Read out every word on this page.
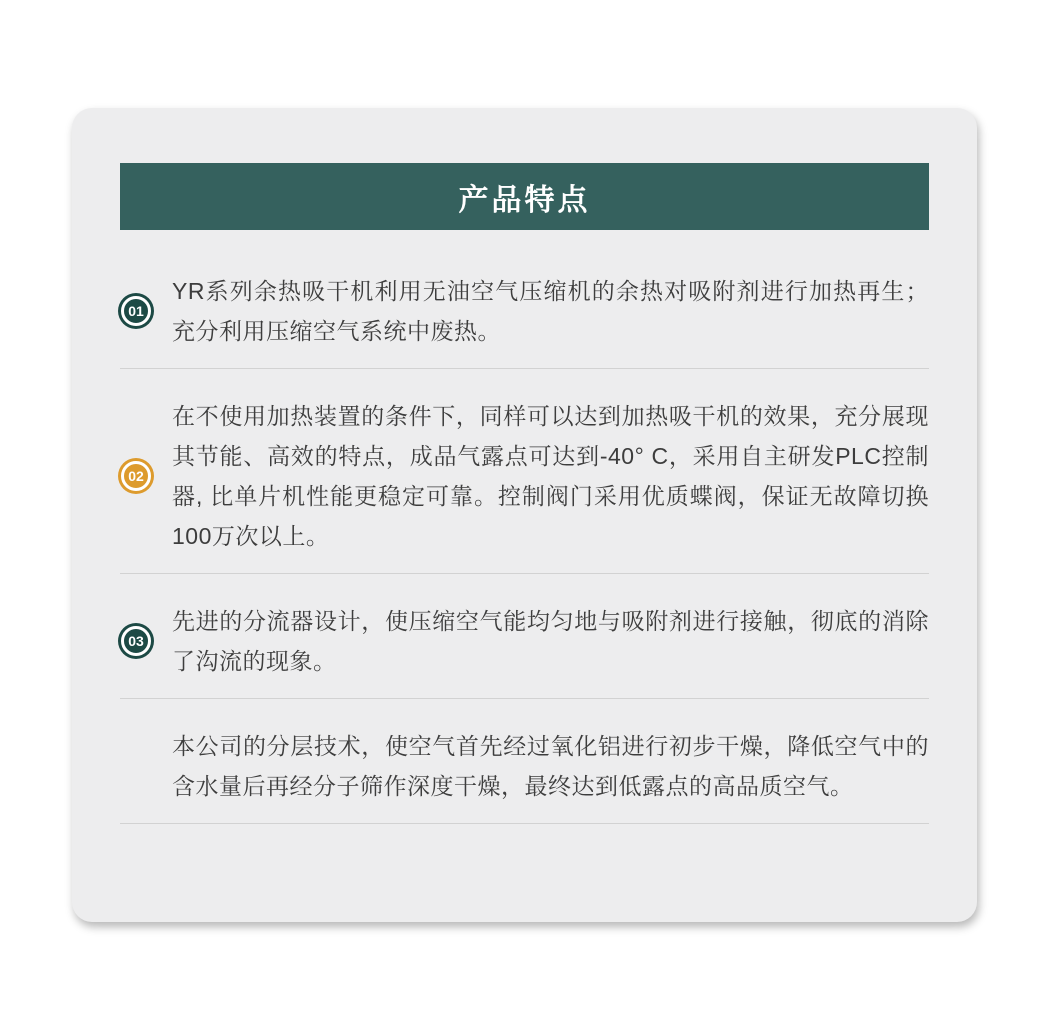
产品特点
01
YR系列余热吸干机利用无油空气压缩机的余热对吸附剂进行加热再生；充分利用压缩空气系统中废热。
02
在不使用加热装置的条件下，同样可以达到加热吸干机的效果，充分展现其节能、高效的特点，成品气露点可达到-40° C，采用自主研发PLC控制器, 比单片机性能更稳定可靠。控制阀门采用优质蝶阀，保证无故障切换100万次以上。
03
先进的分流器设计，使压缩空气能均匀地与吸附剂进行接触，彻底的消除了沟流的现象。
本公司的分层技术，使空气首先经过氧化铝进行初步干燥，降低空气中的含水量后再经分子筛作深度干燥，最终达到低露点的高品质空气。
